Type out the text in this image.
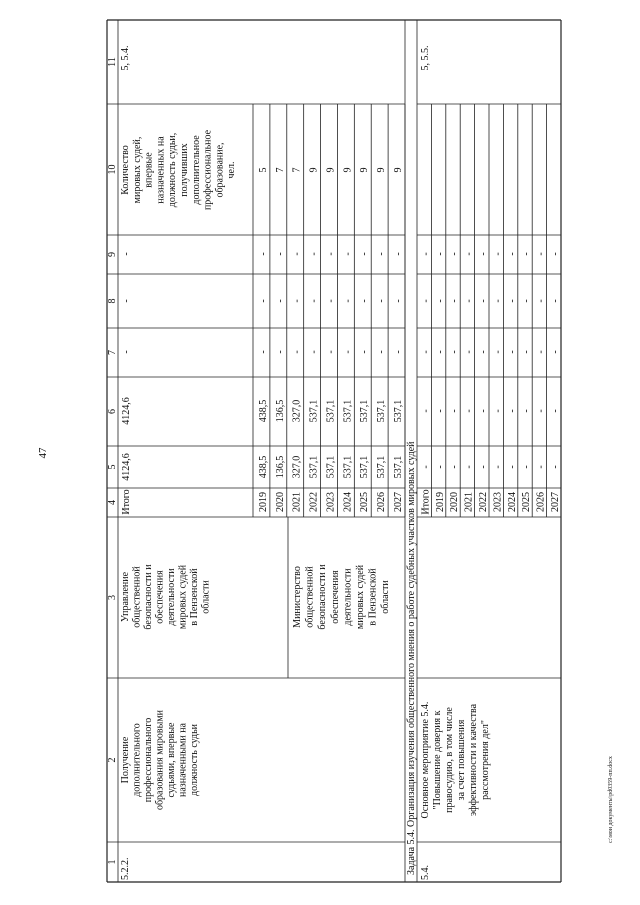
47
c:\мои документы\pd0359-пп.docx
1
2
3
4
5
6
7
8
9
10
11
5.2.2.
Получение дополнительного профессионального образования мировыми судьями, впервые назначенными на должность судьи
Управление общественной безопасности и обеспечения деятельности мировых судей в Пензенской области	Министерство общественной безопасности и обеспечения деятельности мировых судей в Пензенской области
Итого
4124,6
4124,6
-
-
-
Количество мировых судей, впервые назначенных на должность судьи, получивших дополнительное профессиональное образование, чел.
5, 5.4.
2019
438,5
438,5
-
-
-
5
2020
136,5
136,5
-
-
-
7
2021
327,0
327,0
-
-
-
7
2022
537,1
537,1
-
-
-
9
2023
537,1
537,1
-
-
-
9
2024
537,1
537,1
-
-
-
9
2025
537,1
537,1
-
-
-
9
2026
537,1
537,1
-
-
-
9
2027
537,1
537,1
-
-
-
9
Задача 5.4. Организация изучения общественного мнения о работе судебных участков мировых судей 5.4.
Основное мероприятие 5.4. "Повышение доверия к правосудию, в том числе за счет повышения эффективности и качества рассмотрения дел"
5, 5.5.
Итого
-
-
-
-
-
2019
-
-
-
-
-
2020
-
-
-
-
-
2021
-
-
-
-
-
2022
-
-
-
-
-
2023
-
-
-
-
-
2024
-
-
-
-
-
2025
-
-
-
-
-
2026
-
-
-
-
-
2027
-
-
-
-
-
